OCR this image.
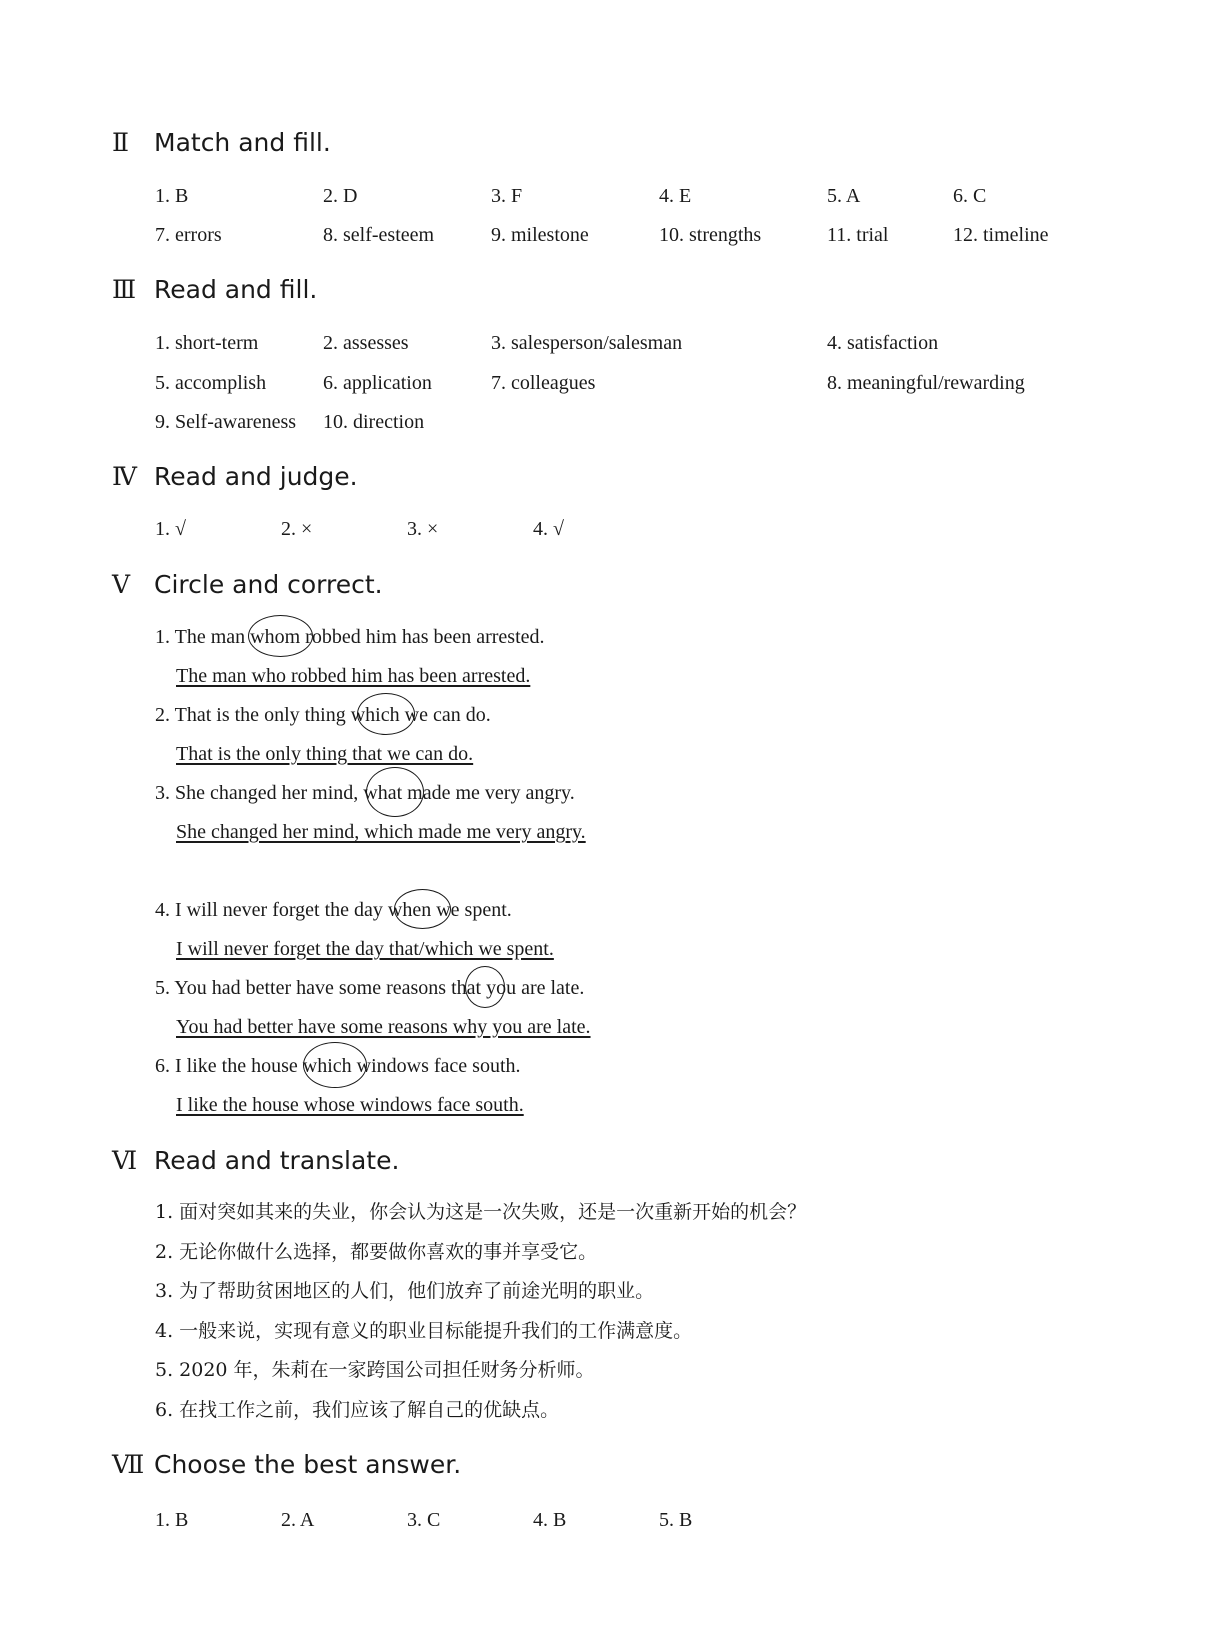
Ⅱ Match and fill.
1. B	2. D	3. F	4. E	5. A	6. C
7. errors	8. self-esteem	9. milestone	10. strengths	11. trial	12. timeline
Ⅲ Read and fill.
1. short-term	2. assesses	3. salesperson/salesman	4. satisfaction
5. accomplish	6. application	7. colleagues	8. meaningful/rewarding
9. Self-awareness 10. direction
Ⅳ Read and judge.
1. √	2. ×	3. ×	4. √
Ⅴ Circle and correct.
1. The man whom robbed him has been arrested.
The man who robbed him has been arrested.
2. That is the only thing which we can do.
That is the only thing that we can do.
3. She changed her mind, what made me very angry.
She changed her mind, which made me very angry.
4. I will never forget the day when we spent.
I will never forget the day that/which we spent.
5. You had better have some reasons that you are late.
You had better have some reasons why you are late.
6. I like the house which windows face south.
I like the house whose windows face south.
Ⅵ Read and translate.
1. 面对突如其来的失业，你会认为这是一次失败，还是一次重新开始的机会？
2. 无论你做什么选择，都要做你喜欢的事并享受它。
3. 为了帮助贫困地区的人们，他们放弃了前途光明的职业。
4. 一般来说，实现有意义的职业目标能提升我们的工作满意度。
5. 2020 年，朱莉在一家跨国公司担任财务分析师。
6. 在找工作之前，我们应该了解自己的优缺点。
Ⅶ Choose the best answer.
1. B	2. A	3. C	4. B	5. B
